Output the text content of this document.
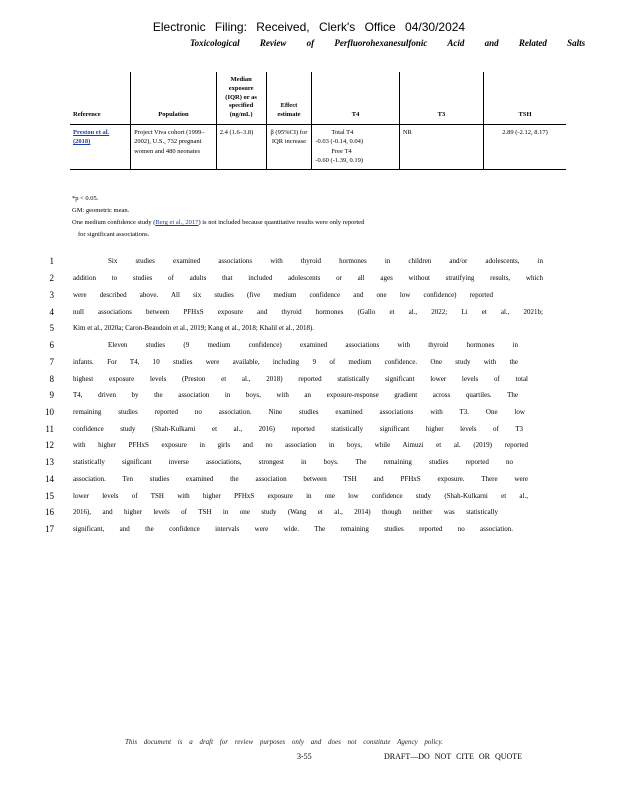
Electronic Filing: Received, Clerk's Office 04/30/2024
Toxicological Review of Perfluorohexanesulfonic Acid and Related Salts
Reference	Population	Median exposure (IQR) or as specified (ng/mL)	Effect estimate	T4	T3	TSH
Preston et al. (2018)	Project Viva cohort (1999–2002), U.S., 732 pregnant women and 480 neonates	2.4 (1.6–3.8)	β (95%CI) for IQR increase	Total T4
-0.03 (-0.14, 0.04)
Free T4
-0.60 (-1.39, 0.19)	NR	2.89 (-2.12, 8.17)
*p < 0.05.
GM: geometric mean.
One medium confidence study (Berg et al., 2017) is not included because quantitative results were only reported
for significant associations.
1	Six studies examined associations with thyroid hormones in children and/or adolescents, in
2	addition to studies of adults that included adolescents or all ages without stratifying results, which
3	were described above. All six studies (five medium confidence and one low confidence) reported
4	null associations between PFHxS exposure and thyroid hormones (Gallo et al., 2022; Li et al., 2021b;
5	Kim et al., 2020a; Caron-Beaudoin et al., 2019; Kang et al., 2018; Khalil et al., 2018).
6	Eleven studies (9 medium confidence) examined associations with thyroid hormones in
7	infants. For T4, 10 studies were available, including 9 of medium confidence. One study with the
8	highest exposure levels (Preston et al., 2018) reported statistically significant lower levels of total
9	T4, driven by the association in boys, with an exposure-response gradient across quartiles. The
10	remaining studies reported no association. Nine studies examined associations with T3. One low
11	confidence study (Shah-Kulkarni et al., 2016) reported statistically significant higher levels of T3
12	with higher PFHxS exposure in girls and no association in boys, while Aimuzi et al. (2019) reported
13	statistically significant inverse associations, strongest in boys. The remaining studies reported no
14	association. Ten studies examined the association between TSH and PFHxS exposure. There were
15	lower levels of TSH with higher PFHxS exposure in one low confidence study (Shah-Kulkarni et al.,
16	2016), and higher levels of TSH in one study (Wang et al., 2014) though neither was statistically
17	significant, and the confidence intervals were wide. The remaining studies reported no association.
This document is a draft for review purposes only and does not constitute Agency policy.
3-55	DRAFT—DO NOT CITE OR QUOTE
